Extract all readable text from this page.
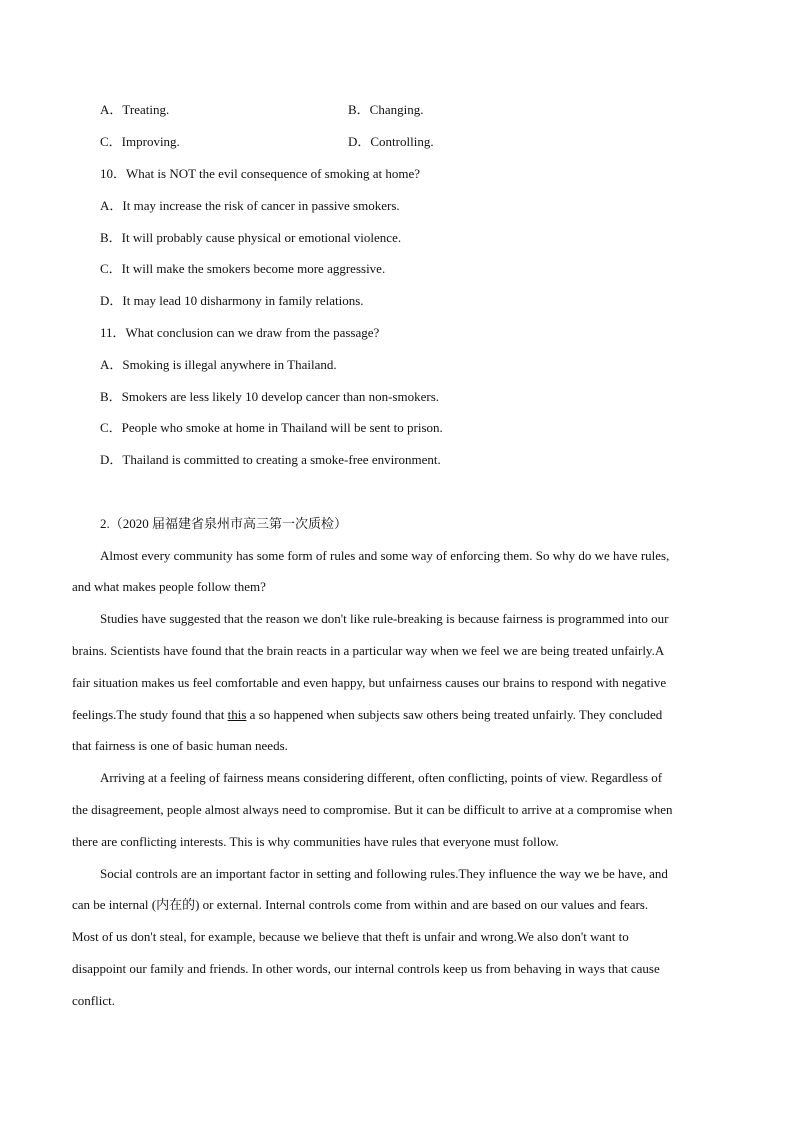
A．Treating.	B．Changing.
C．Improving.	D．Controlling.
10．What is NOT the evil consequence of smoking at home?
A．It may increase the risk of cancer in passive smokers.
B．It will probably cause physical or emotional violence.
C．It will make the smokers become more aggressive.
D．It may lead 10 disharmony in family relations.
11．What conclusion can we draw from the passage?
A．Smoking is illegal anywhere in Thailand.
B．Smokers are less likely 10 develop cancer than non-smokers.
C．People who smoke at home in Thailand will be sent to prison.
D．Thailand is committed to creating a smoke-free environment.
2.（2020 届福建省泉州市高三第一次质检）
Almost every community has some form of rules and some way of enforcing them. So why do we have rules,
and what makes people follow them?
Studies have suggested that the reason we don't like rule-breaking is because fairness is programmed into our
brains. Scientists have found that the brain reacts in a particular way when we feel we are being treated unfairly.A
fair situation makes us feel comfortable and even happy, but unfairness causes our brains to respond with negative
feelings.The study found that this a so happened when subjects saw others being treated unfairly. They concluded
that fairness is one of basic human needs.
Arriving at a feeling of fairness means considering different, often conflicting, points of view. Regardless of
the disagreement, people almost always need to compromise. But it can be difficult to arrive at a compromise when
there are conflicting interests. This is why communities have rules that everyone must follow.
Social controls are an important factor in setting and following rules.They influence the way we be have, and
can be internal (内在的) or external. Internal controls come from within and are based on our values and fears.
Most of us don't steal, for example, because we believe that theft is unfair and wrong.We also don't want to
disappoint our family and friends. In other words, our internal controls keep us from behaving in ways that cause
conflict.
